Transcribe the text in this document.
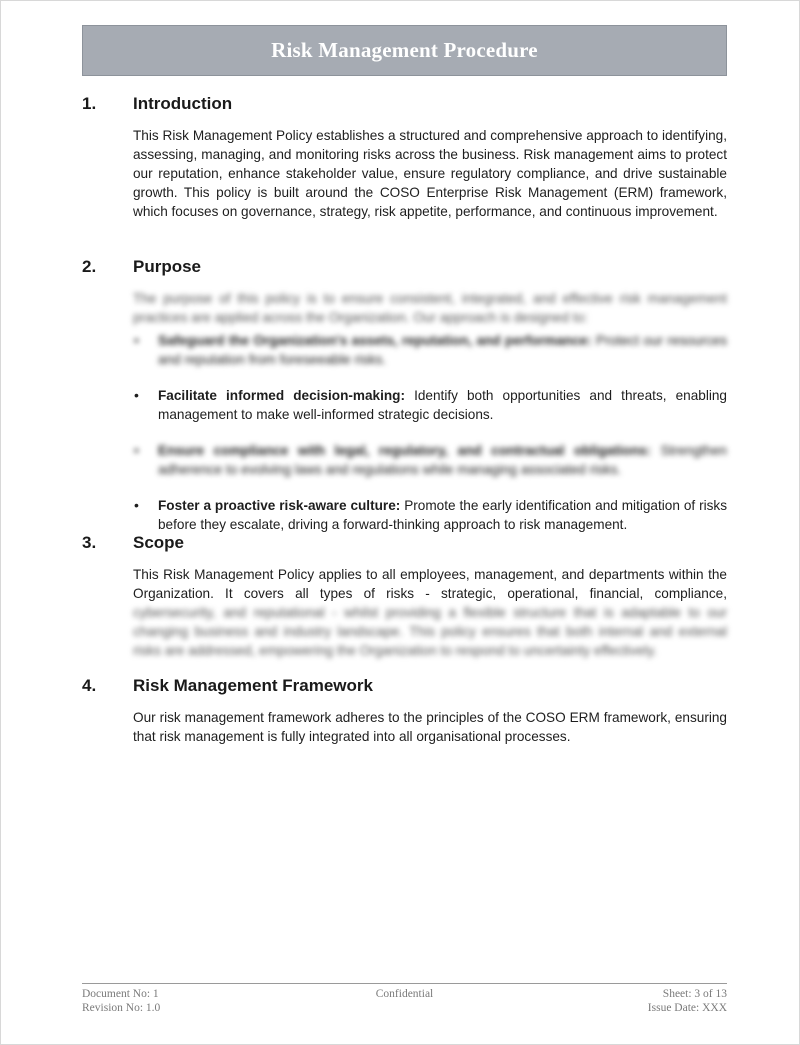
Risk Management Procedure
1.	Introduction

This Risk Management Policy establishes a structured and comprehensive approach to identifying, assessing, managing, and monitoring risks across the business. Risk management aims to protect our reputation, enhance stakeholder value, ensure regulatory compliance, and drive sustainable growth. This policy is built around the COSO Enterprise Risk Management (ERM) framework, which focuses on governance, strategy, risk appetite, performance, and continuous improvement.

2.	Purpose

The purpose of this policy is to ensure consistent, integrated, and effective risk management practices are applied across the Organization. Our approach is designed to:

• Safeguard the Organization's assets, reputation, and performance: Protect our resources and reputation from foreseeable risks.
• Facilitate informed decision-making: Identify both opportunities and threats, enabling management to make well-informed strategic decisions.
• Ensure compliance with legal, regulatory, and contractual obligations: Strengthen adherence to evolving laws and regulations while managing associated risks.
• Foster a proactive risk-aware culture: Promote the early identification and mitigation of risks before they escalate, driving a forward-thinking approach to risk management.
3.	Scope

This Risk Management Policy applies to all employees, management, and departments within the Organization. It covers all types of risks - strategic, operational, financial, compliance, cybersecurity, and reputational - whilst providing a flexible structure that is adaptable to our changing business and industry landscape. This policy ensures that both internal and external risks are addressed, empowering the Organization to respond to uncertainty effectively.

4.	Risk Management Framework

Our risk management framework adheres to the principles of the COSO ERM framework, ensuring that risk management is fully integrated into all organisational processes.

Document No: 1	Confidential	Sheet: 3 of 13
Revision No: 1.0	Issue Date: XXX
